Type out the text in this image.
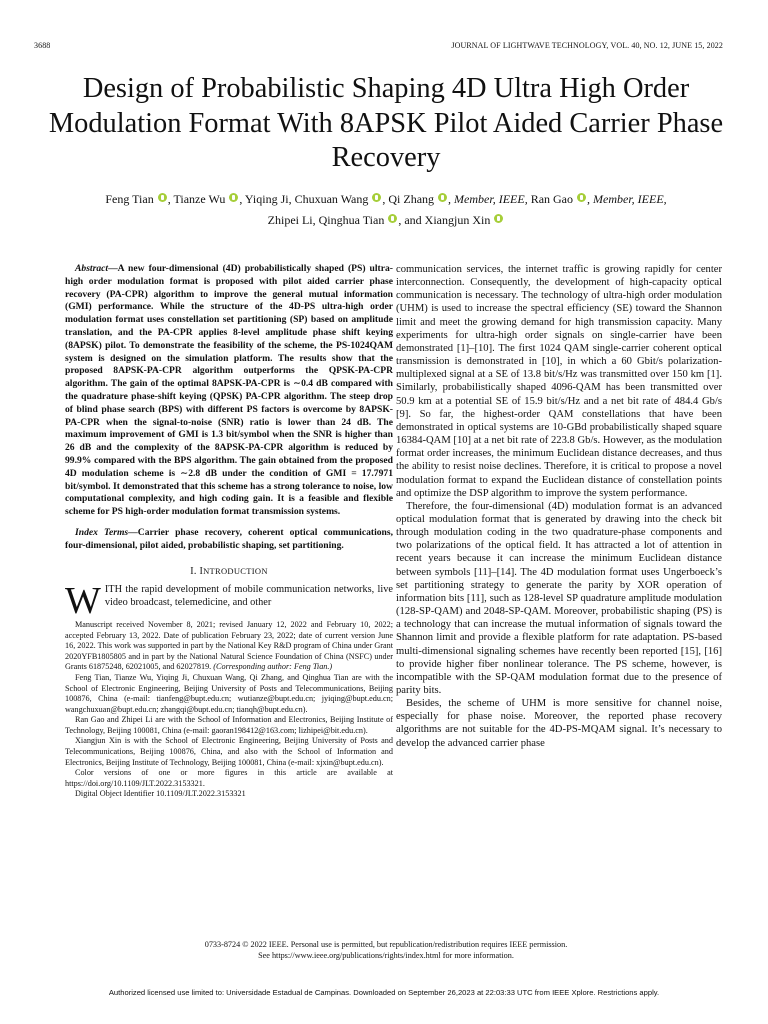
3688	JOURNAL OF LIGHTWAVE TECHNOLOGY, VOL. 40, NO. 12, JUNE 15, 2022
Design of Probabilistic Shaping 4D Ultra High Order Modulation Format With 8APSK Pilot Aided Carrier Phase Recovery
Feng Tian , Tianze Wu , Yiqing Ji, Chuxuan Wang , Qi Zhang , Member, IEEE, Ran Gao , Member, IEEE,
Zhipei Li, Qinghua Tian , and Xiangjun Xin

Abstract—A new four-dimensional (4D) probabilistically shaped (PS) ultra-high order modulation format is proposed with pilot aided carrier phase recovery (PA-CPR) algorithm to improve the general mutual information (GMI) performance. While the structure of the 4D-PS ultra-high order modulation format uses constellation set partitioning (SP) based on amplitude translation, and the PA-CPR applies 8-level amplitude phase shift keying (8APSK) pilot. To demonstrate the feasibility of the scheme, the PS-1024QAM system is designed on the simulation platform. The results show that the proposed 8APSK-PA-CPR algorithm outperforms the QPSK-PA-CPR algorithm. The gain of the optimal 8APSK-PA-CPR is ∼0.4 dB compared with the quadrature phase-shift keying (QPSK) PA-CPR algorithm. The steep drop of blind phase search (BPS) with different PS factors is overcome by 8APSK-PA-CPR when the signal-to-noise (SNR) ratio is lower than 24 dB. The maximum improvement of GMI is 1.3 bit/symbol when the SNR is higher than 26 dB and the complexity of the 8APSK-PA-CPR algorithm is reduced by 99.9% compared with the BPS algorithm. The gain obtained from the proposed 4D modulation scheme is ∼2.8 dB under the condition of GMI = 17.7971 bit/symbol. It demonstrated that this scheme has a strong tolerance to noise, low computational complexity, and high coding gain. It is a feasible and flexible scheme for PS high-order modulation format transmission systems.

Index Terms—Carrier phase recovery, coherent optical communications, four-dimensional, pilot aided, probabilistic shaping, set partitioning.

I. INTRODUCTION

WITH the rapid development of mobile communication networks, live video broadcast, telemedicine, and other

Manuscript received November 8, 2021; revised January 12, 2022 and February 10, 2022; accepted February 13, 2022. Date of publication February 23, 2022; date of current version June 16, 2022. This work was supported in part by the National Key R&D program of China under Grant 2020YFB1805805 and in part by the National Natural Science Foundation of China (NSFC) under Grants 61875248, 62021005, and 62027819. (Corresponding author: Feng Tian.)

Feng Tian, Tianze Wu, Yiqing Ji, Chuxuan Wang, Qi Zhang, and Qinghua Tian are with the School of Electronic Engineering, Beijing University of Posts and Telecommunications, Beijing 100876, China (e-mail: tianfeng@bupt.edu.cn; wutianze@bupt.edu.cn; jyiqing@bupt.edu.cn; wangchuxuan@bupt.edu.cn; zhangqi@bupt.edu.cn; tianqh@bupt.edu.cn).

Ran Gao and Zhipei Li are with the School of Information and Electronics, Beijing Institute of Technology, Beijing 100081, China (e-mail: gaoran198412@163.com; lizhipei@bit.edu.cn).

Xiangjun Xin is with the School of Electronic Engineering, Beijing University of Posts and Telecommunications, Beijing 100876, China, and also with the School of Information and Electronics, Beijing Institute of Technology, Beijing 100081, China (e-mail: xjxin@bupt.edu.cn).

Color versions of one or more figures in this article are available at https://doi.org/10.1109/JLT.2022.3153321.

Digital Object Identifier 10.1109/JLT.2022.3153321

communication services, the internet traffic is growing rapidly for center interconnection. Consequently, the development of high-capacity optical communication is necessary. The technology of ultra-high order modulation (UHM) is used to increase the spectral efficiency (SE) toward the Shannon limit and meet the growing demand for high transmission capacity. Many experiments for ultra-high order signals on single-carrier have been demonstrated [1]–[10]. The first 1024 QAM single-carrier coherent optical transmission is demonstrated in [10], in which a 60 Gbit/s polarization-multiplexed signal at a SE of 13.8 bit/s/Hz was transmitted over 150 km [1]. Similarly, probabilistically shaped 4096-QAM has been transmitted over 50.9 km at a potential SE of 15.9 bit/s/Hz and a net bit rate of 484.4 Gb/s [9]. So far, the highest-order QAM constellations that have been demonstrated in optical systems are 10-GBd probabilistically shaped square 16384-QAM [10] at a net bit rate of 223.8 Gb/s. However, as the modulation format order increases, the minimum Euclidean distance decreases, and thus the ability to resist noise declines. Therefore, it is critical to propose a novel modulation format to expand the Euclidean distance of constellation points and optimize the DSP algorithm to improve the system performance.

Therefore, the four-dimensional (4D) modulation format is an advanced optical modulation format that is generated by drawing into the check bit through modulation coding in the two quadrature-phase components and two polarizations of the optical field. It has attracted a lot of attention in recent years because it can increase the minimum Euclidean distance between symbols [11]–[14]. The 4D modulation format uses Ungerboeck’s set partitioning strategy to generate the parity by XOR operation of information bits [11], such as 128-level SP quadrature amplitude modulation (128-SP-QAM) and 2048-SP-QAM. Moreover, probabilistic shaping (PS) is a technology that can increase the mutual information of signals toward the Shannon limit and provide a flexible platform for rate adaptation. PS-based multi-dimensional signaling schemes have recently been reported [15], [16] to provide higher fiber nonlinear tolerance. The PS scheme, however, is incompatible with the SP-QAM modulation format due to the presence of parity bits.

Besides, the scheme of UHM is more sensitive for channel noise, especially for phase noise. Moreover, the reported phase recovery algorithms are not suitable for the 4D-PS-MQAM signal. It’s necessary to develop the advanced carrier phase

0733-8724 © 2022 IEEE. Personal use is permitted, but republication/redistribution requires IEEE permission.
See https://www.ieee.org/publications/rights/index.html for more information.
Authorized licensed use limited to: Universidade Estadual de Campinas. Downloaded on September 26,2023 at 22:03:33 UTC from IEEE Xplore. Restrictions apply.
